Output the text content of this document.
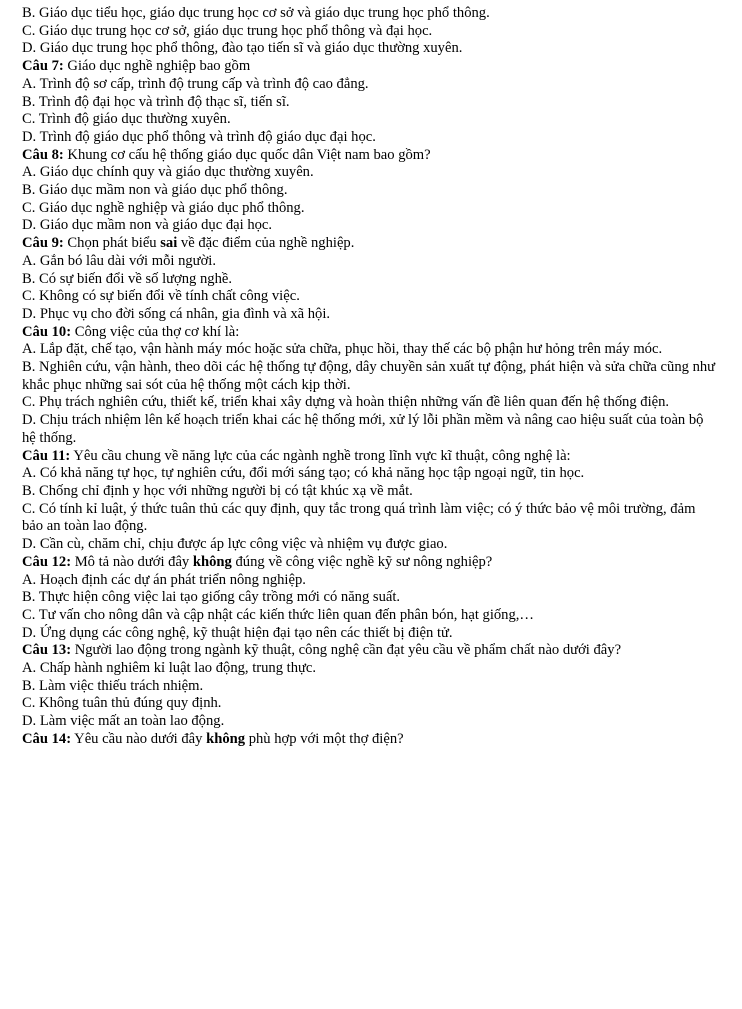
B. Giáo dục tiểu học, giáo dục trung học cơ sở và giáo dục trung học phổ thông.
C. Giáo dục trung học cơ sở, giáo dục trung học phổ thông và đại học.
D. Giáo dục trung học phổ thông, đào tạo tiến sĩ và giáo dục thường xuyên.
Câu 7: Giáo dục nghề nghiệp bao gồm
A. Trình độ sơ cấp, trình độ trung cấp và trình độ cao đẳng.
B. Trình độ đại học và trình độ thạc sĩ, tiến sĩ.
C. Trình độ giáo dục thường xuyên.
D. Trình độ giáo dục phổ thông và trình độ giáo dục đại học.
Câu 8: Khung cơ cấu hệ thống giáo dục quốc dân Việt nam bao gồm?
A. Giáo dục chính quy và giáo dục thường xuyên.
B. Giáo dục mầm non và giáo dục phổ thông.
C. Giáo dục nghề nghiệp và giáo dục phổ thông.
D. Giáo dục mầm non và giáo dục đại học.
Câu 9: Chọn phát biểu sai về đặc điểm của nghề nghiệp.
A. Gắn bó lâu dài với mỗi người.
B. Có sự biến đổi về số lượng nghề.
C. Không có sự biến đổi về tính chất công việc.
D. Phục vụ cho đời sống cá nhân, gia đình và xã hội.
Câu 10: Công việc của thợ cơ khí là:
A. Lắp đặt, chế tạo, vận hành máy móc hoặc sửa chữa, phục hồi, thay thế các bộ phận hư hỏng trên máy móc.
B. Nghiên cứu, vận hành, theo dõi các hệ thống tự động, dây chuyền sản xuất tự động, phát hiện và sửa chữa cũng như khắc phục những sai sót của hệ thống một cách kịp thời.
C. Phụ trách nghiên cứu, thiết kế, triển khai xây dựng và hoàn thiện những vấn đề liên quan đến hệ thống điện.
D. Chịu trách nhiệm lên kế hoạch triển khai các hệ thống mới, xử lý lỗi phần mềm và nâng cao hiệu suất của toàn bộ hệ thống.
Câu 11: Yêu cầu chung về năng lực của các ngành nghề trong lĩnh vực kĩ thuật, công nghệ là:
A. Có khả năng tự học, tự nghiên cứu, đổi mới sáng tạo; có khả năng học tập ngoại ngữ, tin học.
B. Chống chỉ định y học với những người bị có tật khúc xạ về mắt.
C. Có tính kỉ luật, ý thức tuân thủ các quy định, quy tắc trong quá trình làm việc; có ý thức bảo vệ môi trường, đảm bảo an toàn lao động.
D. Cần cù, chăm chỉ, chịu được áp lực công việc và nhiệm vụ được giao.
Câu 12: Mô tả nào dưới đây không đúng về công việc nghề kỹ sư nông nghiệp?
A. Hoạch định các dự án phát triển nông nghiệp.
B. Thực hiện công việc lai tạo giống cây trồng mới có năng suất.
C. Tư vấn cho nông dân và cập nhật các kiến thức liên quan đến phân bón, hạt giống,…
D. Ứng dụng các công nghệ, kỹ thuật hiện đại tạo nên các thiết bị điện tử.
Câu 13: Người lao động trong ngành kỹ thuật, công nghệ cần đạt yêu cầu về phẩm chất nào dưới đây?
A. Chấp hành nghiêm kỉ luật lao động, trung thực.
B. Làm việc thiếu trách nhiệm.
C. Không tuân thủ đúng quy định.
D. Làm việc mất an toàn lao động.
Câu 14: Yêu cầu nào dưới đây không phù hợp với một thợ điện?
